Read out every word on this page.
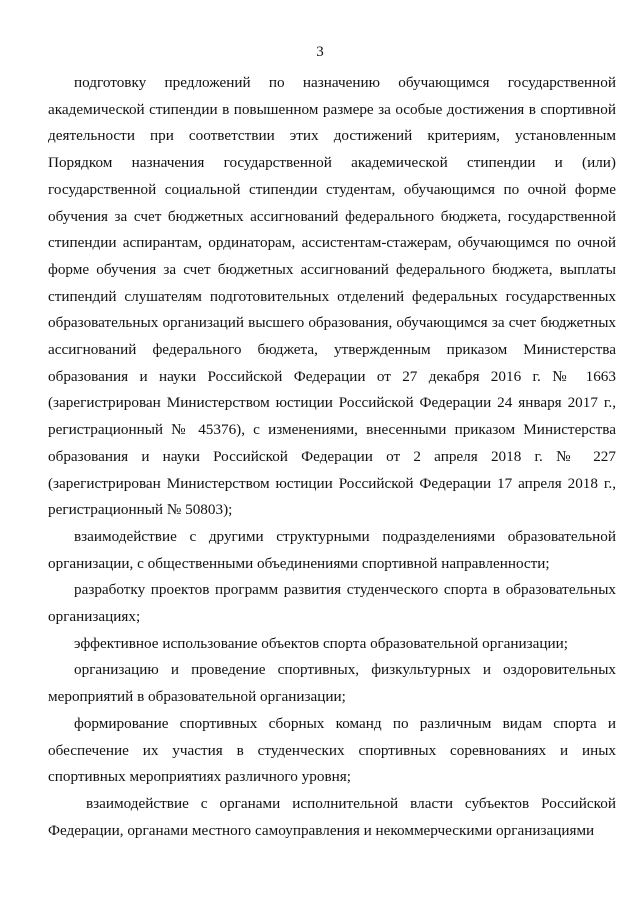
3

подготовку предложений по назначению обучающимся государственной академической стипендии в повышенном размере за особые достижения в спортивной деятельности при соответствии этих достижений критериям, установленным Порядком назначения государственной академической стипендии и (или) государственной социальной стипендии студентам, обучающимся по очной форме обучения за счет бюджетных ассигнований федерального бюджета, государственной стипендии аспирантам, ординаторам, ассистентам-стажерам, обучающимся по очной форме обучения за счет бюджетных ассигнований федерального бюджета, выплаты стипендий слушателям подготовительных отделений федеральных государственных образовательных организаций высшего образования, обучающимся за счет бюджетных ассигнований федерального бюджета, утвержденным приказом Министерства образования и науки Российской Федерации от 27 декабря 2016 г. № 1663 (зарегистрирован Министерством юстиции Российской Федерации 24 января 2017 г., регистрационный № 45376), с изменениями, внесенными приказом Министерства образования и науки Российской Федерации от 2 апреля 2018 г. № 227 (зарегистрирован Министерством юстиции Российской Федерации 17 апреля 2018 г., регистрационный № 50803);

взаимодействие с другими структурными подразделениями образовательной организации, с общественными объединениями спортивной направленности;

разработку проектов программ развития студенческого спорта в образовательных организациях;

эффективное использование объектов спорта образовательной организации;

организацию и проведение спортивных, физкультурных и оздоровительных мероприятий в образовательной организации;

формирование спортивных сборных команд по различным видам спорта и обеспечение их участия в студенческих спортивных соревнованиях и иных спортивных мероприятиях различного уровня;

взаимодействие с органами исполнительной власти субъектов Российской Федерации, органами местного самоуправления и некоммерческими организациями
